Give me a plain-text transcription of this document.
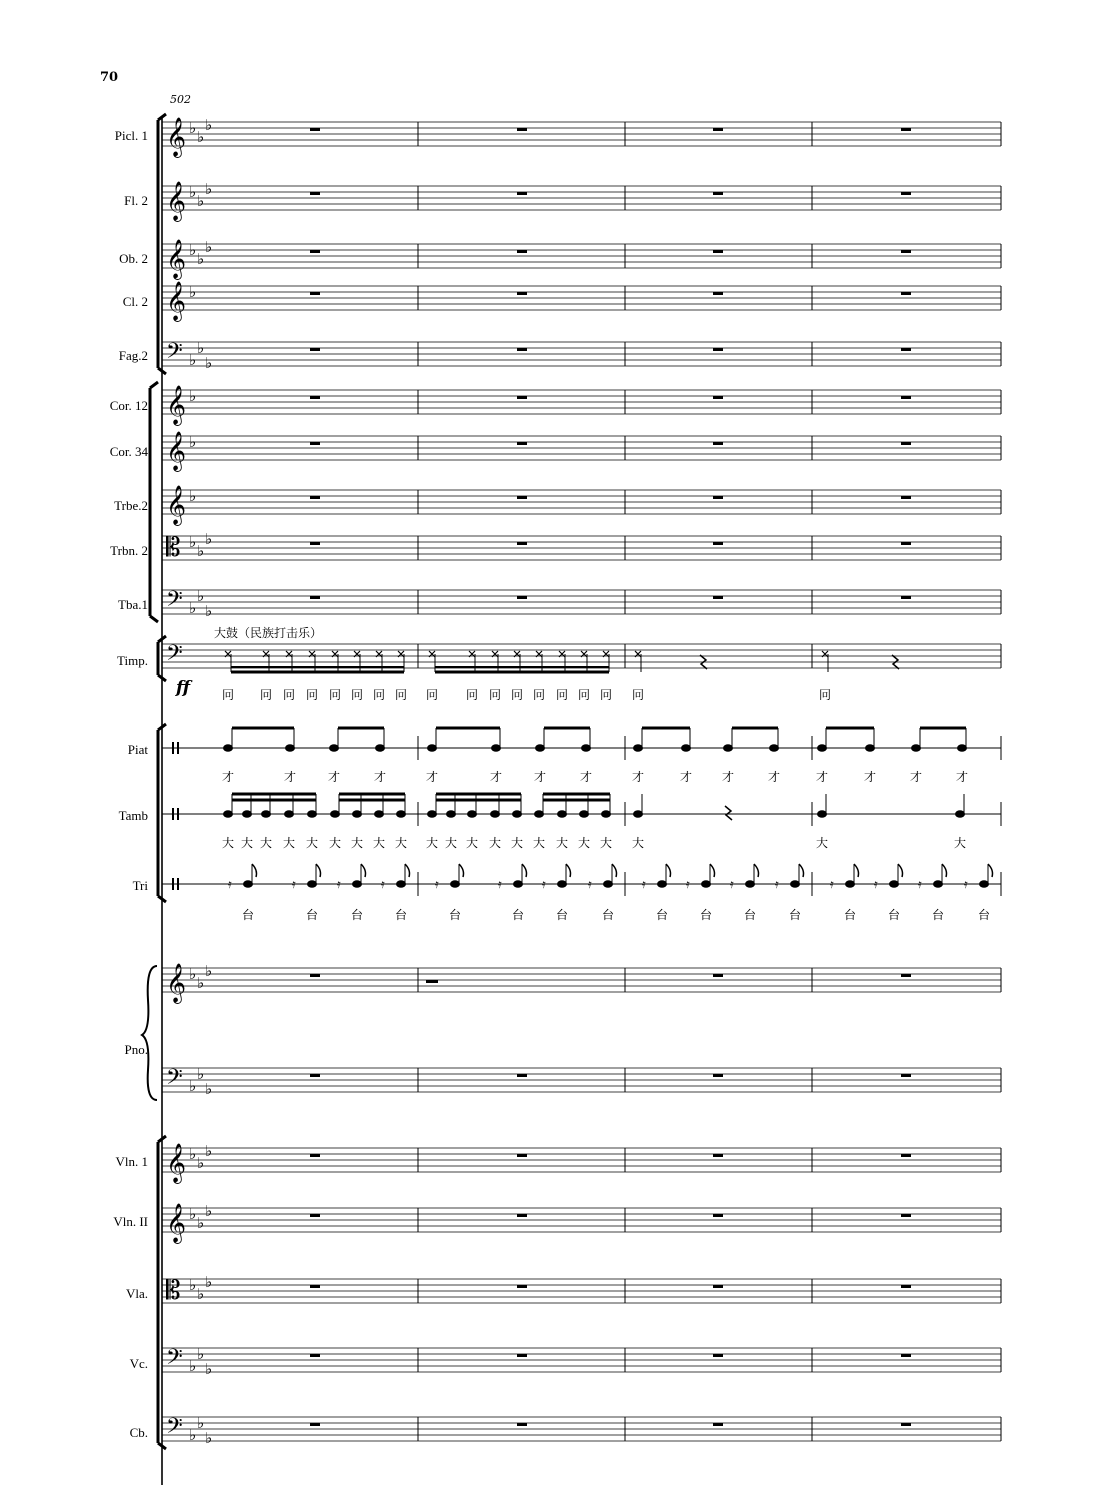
70
502
Picl. 1
Fl. 2
Ob. 2
Cl. 2
Fag.2
Cor. 12
Cor. 34
Trbe.2
Trbn. 2
Tba.1
Timp.
Piat
Tamb
Tri
Pno.
Vln. 1
Vln. II
Vla.
Vc.
Cb.
大鼓（民族打击乐）
ff	冋 冋 冋 冋 冋 冋 冋 冋 冋 冋 冋 冋 冋 冋 冋 冋 冋	冋
才	才	才	才	才	才	才	才	才	才 才	才	才	才	才	才
大 大 大 大 大 大 大 大 大 大 大 大 大 大 大 大 大 大 大	大	大
台	台	台	台	台	台	台	台	台	台	台	台	台	台	台	台
𝄞 ♭ ♭
♭
𝄞 ♭ ♭
♭
𝄞 ♭ ♭
♭
𝄞 ♭
𝄢 ♭
♭
♭
𝄞 ♭
𝄞 ♭
𝄞 ♭
𝄡 ♭ ♭
♭
𝄢 ♭
♭
♭
𝄢
𝄞 ♭ ♭
♭
𝄢 ♭
♭
♭
𝄞 ♭ ♭
♭
𝄞 ♭ ♭
♭
𝄡 ♭ ♭
♭
𝄢 ♭
♭
♭
𝄢 ♭
♭
♭
𝄿	𝄿	𝄿	𝄿	𝄿	𝄿	𝄿	𝄿	𝄿	𝄿	𝄿	𝄿	𝄿	𝄿	𝄿	𝄿
